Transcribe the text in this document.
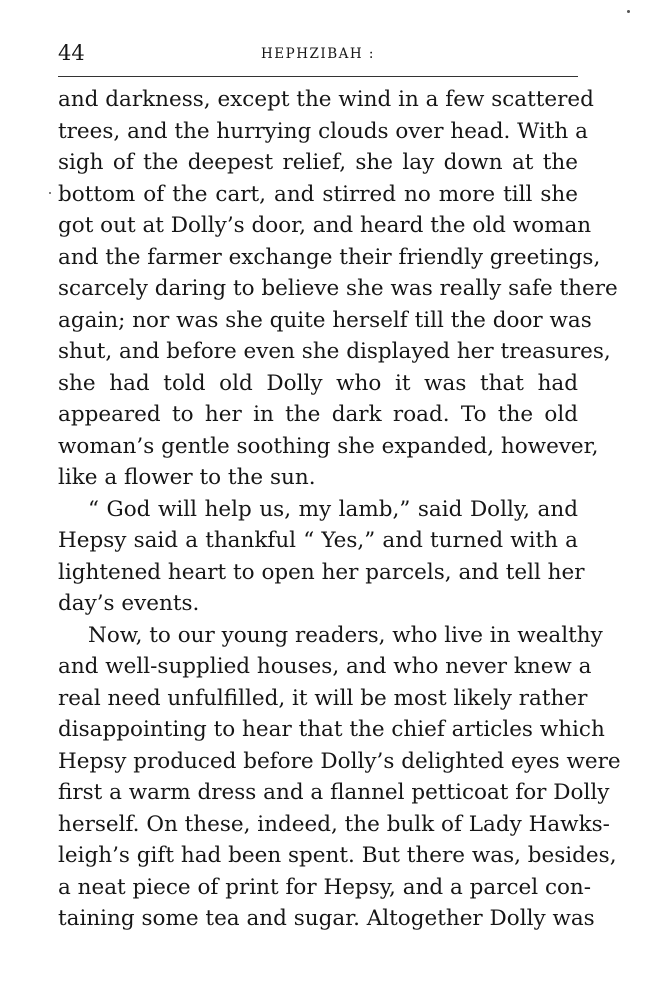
44	HEPHZIBAH :
and darkness, except the wind in a few scattered
trees, and the hurrying clouds over head. With a
sigh of the deepest relief, she lay down at the
bottom of the cart, and stirred no more till she
got out at Dolly’s door, and heard the old woman
and the farmer exchange their friendly greetings,
scarcely daring to believe she was really safe there
again; nor was she quite herself till the door was
shut, and before even she displayed her treasures,
she had told old Dolly who it was that had
appeared to her in the dark road. To the old
woman’s gentle soothing she expanded, however,
like a flower to the sun.
“ God will help us, my lamb,” said Dolly, and
Hepsy said a thankful “ Yes,” and turned with a
lightened heart to open her parcels, and tell her
day’s events.
Now, to our young readers, who live in wealthy
and well-supplied houses, and who never knew a
real need unfulfilled, it will be most likely rather
disappointing to hear that the chief articles which
Hepsy produced before Dolly’s delighted eyes were
first a warm dress and a flannel petticoat for Dolly
herself. On these, indeed, the bulk of Lady Hawks-
leigh’s gift had been spent. But there was, besides,
a neat piece of print for Hepsy, and a parcel con-
taining some tea and sugar. Altogether Dolly was
